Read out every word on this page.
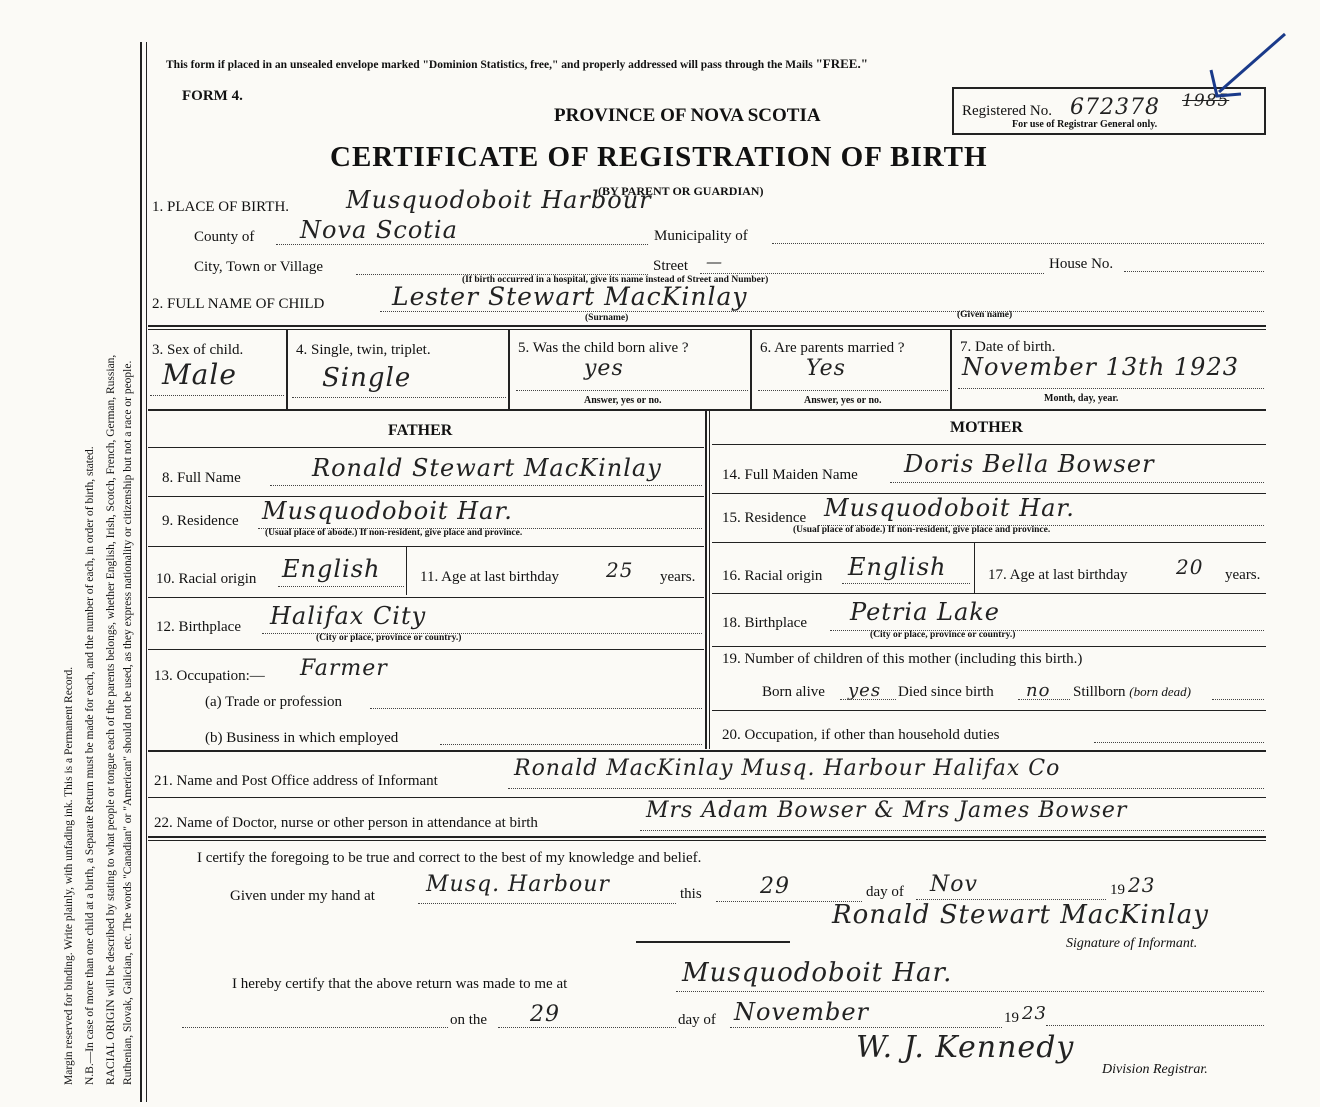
Margin reserved for binding. Write plainly, with unfading ink. This is a Permanent Record. N.B.—In case of more than one child at a birth, a Separate Return must be made for each, and the number of each, in order of birth, stated. RACIAL ORIGIN will be described by stating to what people or tongue each of the parents belongs, whether English, Irish, Scotch, French, German, Russian, Ruthenian, Slovak, Galician, etc. The words "Canadian" or "American" should not be used, as they express nationality or citizenship but not a race or people.
This form if placed in an unsealed envelope marked "Dominion Statistics, free," and properly addressed will pass through the Mails "FREE."
FORM 4.
PROVINCE OF NOVA SCOTIA	Registered No. 672378 1985
For use of Registrar General only.
CERTIFICATE OF REGISTRATION OF BIRTH
(BY PARENT OR GUARDIAN)
1. PLACE OF BIRTH. Musquodoboit Harbour
County of Nova Scotia	Municipality of
City, Town or Village	Street —	House No.
(If birth occurred in a hospital, give its name instead of Street and Number)
2. FULL NAME OF CHILD	Lester Stewart MacKinlay
(Surname)	(Given name)
3. Sex of child.
Male
4. Single, twin, triplet.
Single
5. Was the child born alive ?
yes
Answer, yes or no.
6. Are parents married ?
Yes
Answer, yes or no.
7. Date of birth.
November 13th 1923
Month, day, year.
FATHER	MOTHER
8. Full Name	Ronald Stewart MacKinlay
9. Residence Musquodoboit Har.
(Usual place of abode.) If non-resident, give place and province.
10. Racial origin English	11. Age at last birthday 25 years.
12. Birthplace Halifax City
(City or place, province or country.)
13. Occupation:— Farmer
(a) Trade or profession
(b) Business in which employed
14. Full Maiden Name Doris Bella Bowser
15. Residence Musquodoboit Har.
(Usual place of abode.) If non-resident, give place and province.
16. Racial origin English	17. Age at last birthday 20 years.
18. Birthplace Petria Lake
(City or place, province or country.)
19. Number of children of this mother (including this birth.)
Born alive yes Died since birth no Stillborn (born dead)
20. Occupation, if other than household duties
21. Name and Post Office address of Informant	Ronald MacKinlay Musq. Harbour Halifax Co
22. Name of Doctor, nurse or other person in attendance at birth	Mrs Adam Bowser & Mrs James Bowser
I certify the foregoing to be true and correct to the best of my knowledge and belief.
Given under my hand at Musq. Harbour	this	29	day of Nov	19 23
Ronald Stewart MacKinlay
Signature of Informant.
I hereby certify that the above return was made to me at	Musquodoboit Har.
on the 29	day of November	19 23
W. J. Kennedy
Division Registrar.
